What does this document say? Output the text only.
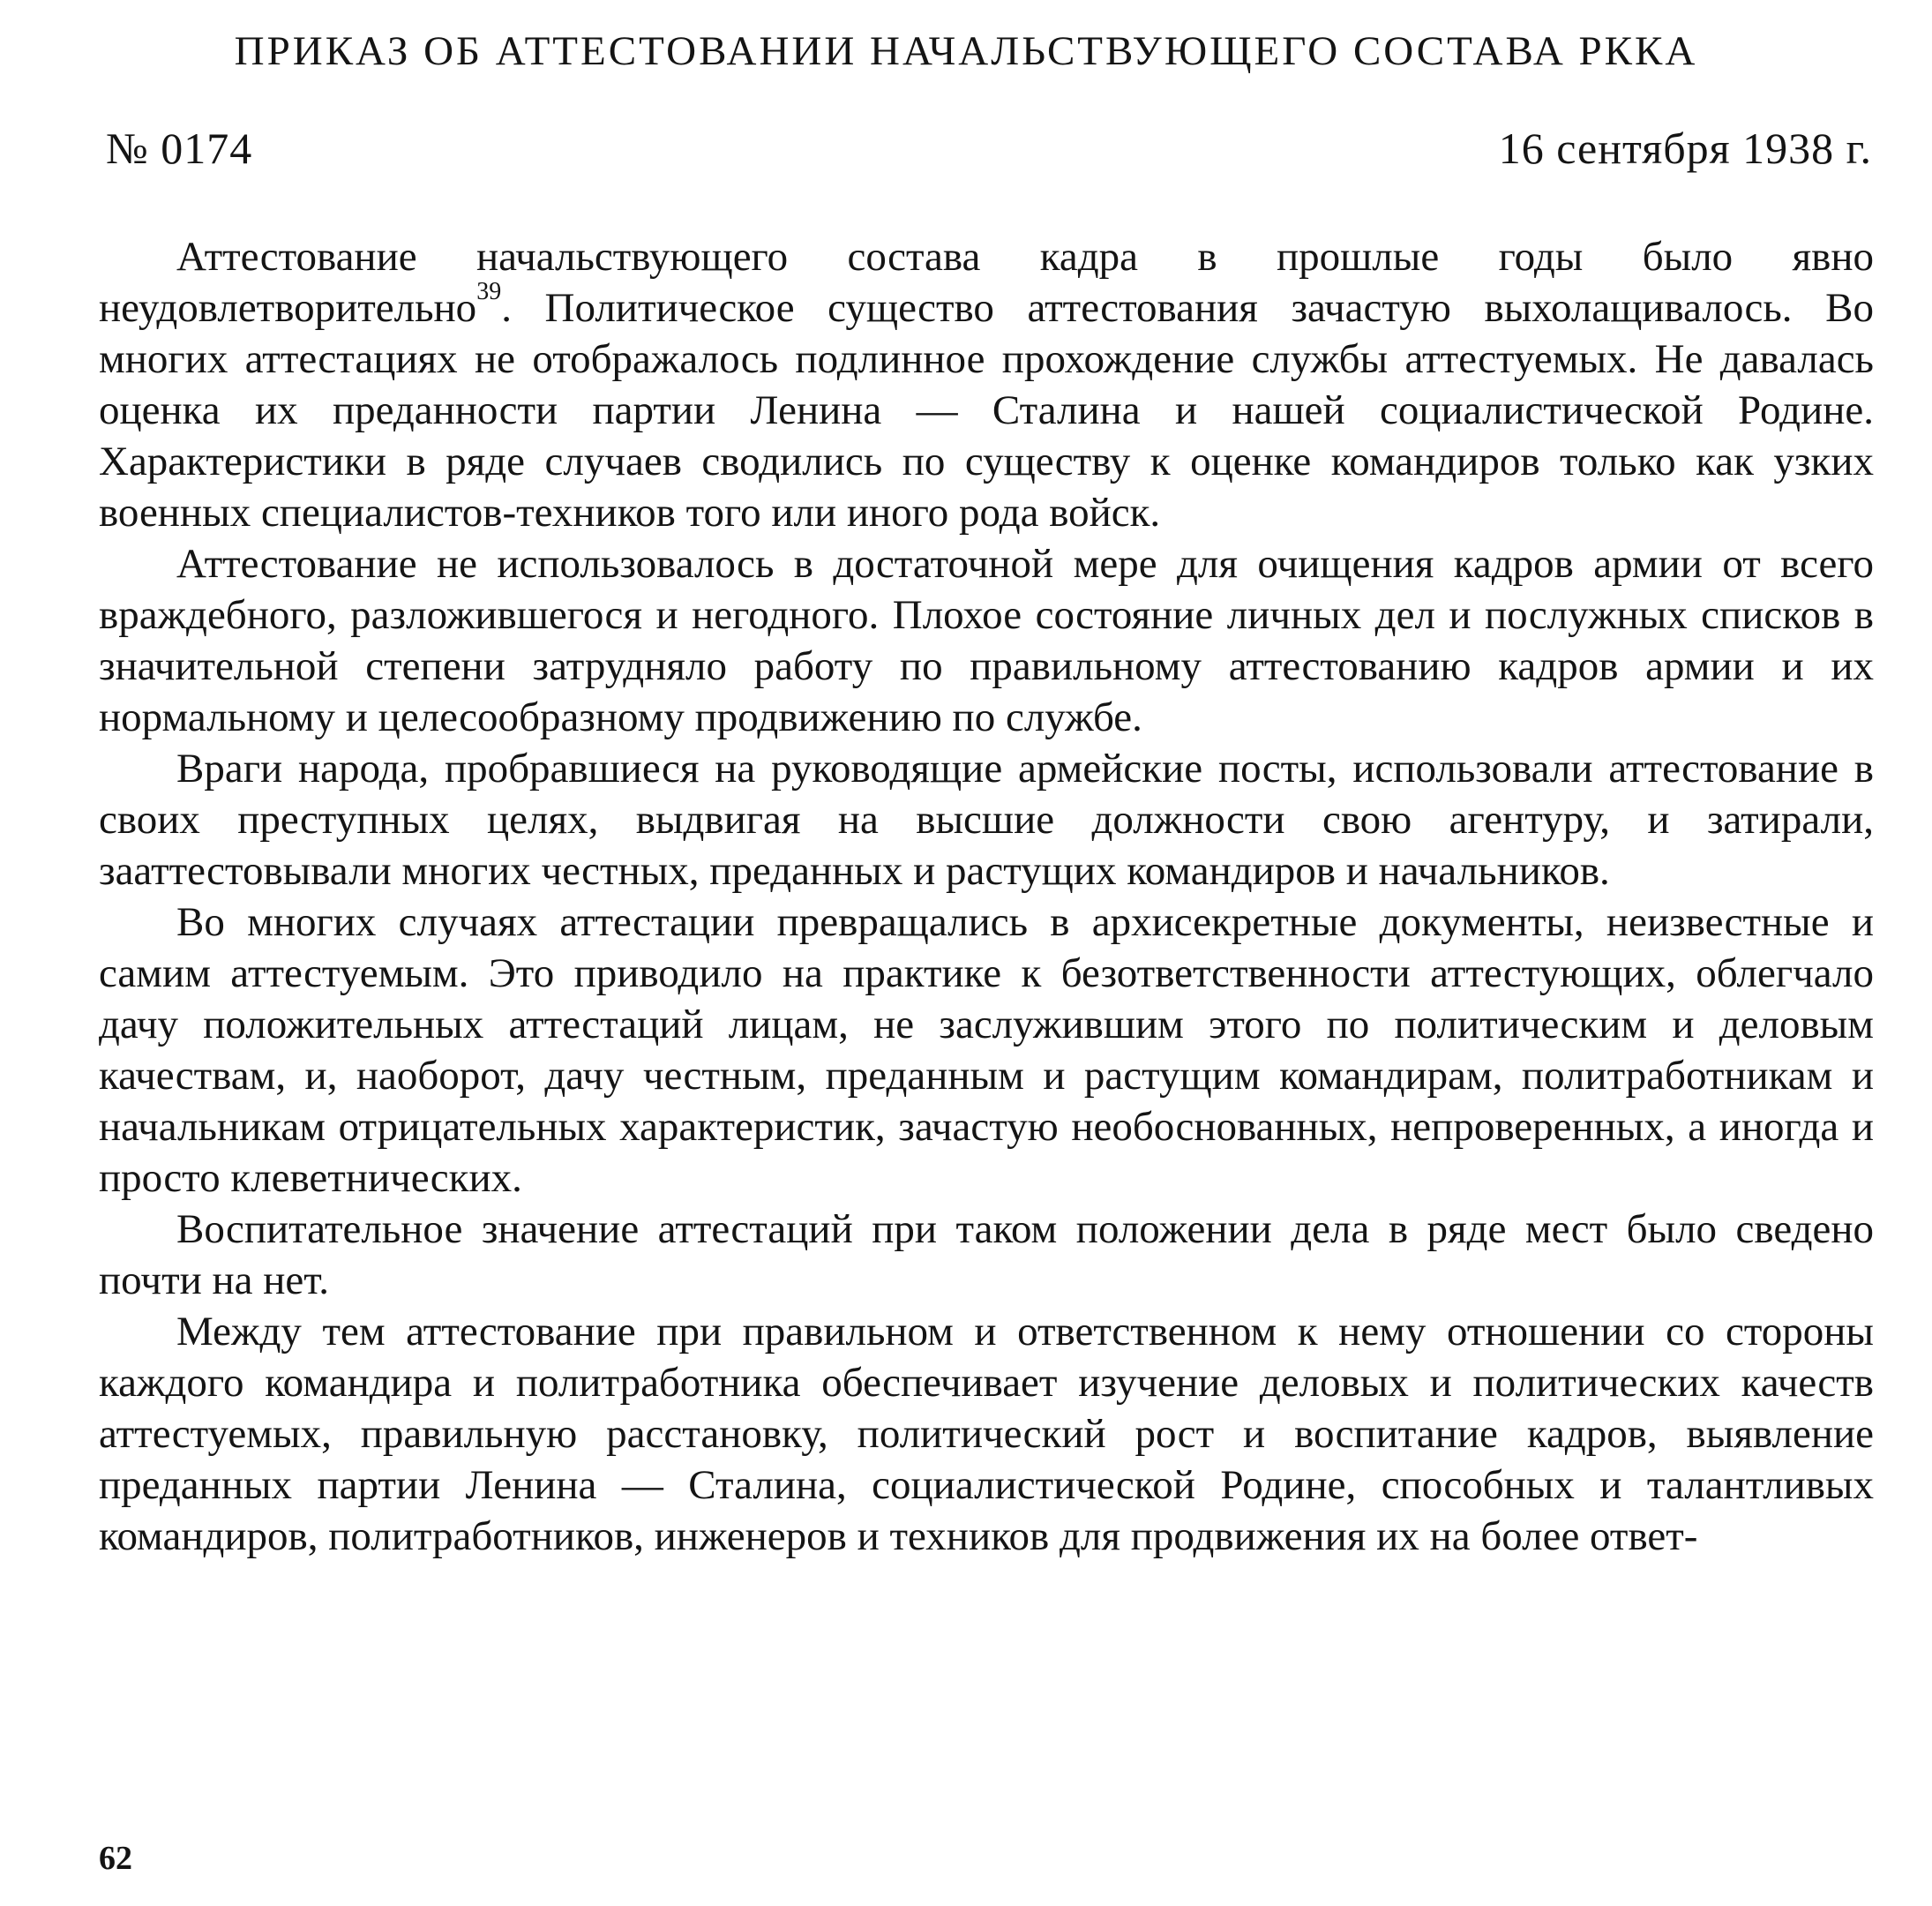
ПРИКАЗ ОБ АТТЕСТОВАНИИ НАЧАЛЬСТВУЮЩЕГО СОСТАВА РККА
№ 0174	16 сентября 1938 г.

Аттестование начальствующего состава кадра в прошлые годы было явно неудовлетворительно$^{39}$. Политическое существо аттестования зачастую выхолащивалось. Во многих аттестациях не отображалось подлинное прохождение службы аттестуемых. Не давалась оценка их преданности партии Ленина — Сталина и нашей социалистической Родине. Характеристики в ряде случаев сводились по существу к оценке командиров только как узких военных специалистов-техников того или иного рода войск.

Аттестование не использовалось в достаточной мере для очищения кадров армии от всего враждебного, разложившегося и негодного. Плохое состояние личных дел и послужных списков в значительной степени затрудняло работу по правильному аттестованию кадров армии и их нормальному и целесообразному продвижению по службе.

Враги народа, пробравшиеся на руководящие армейские посты, использовали аттестование в своих преступных целях, выдвигая на высшие должности свою агентуру, и затирали, зааттестовывали многих честных, преданных и растущих командиров и начальников.

Во многих случаях аттестации превращались в архисекретные документы, неизвестные и самим аттестуемым. Это приводило на практике к безответственности аттестующих, облегчало дачу положительных аттестаций лицам, не заслужившим этого по политическим и деловым качествам, и, наоборот, дачу честным, преданным и растущим командирам, политработникам и начальникам отрицательных характеристик, зачастую необоснованных, непроверенных, а иногда и просто клеветнических.

Воспитательное значение аттестаций при таком положении дела в ряде мест было сведено почти на нет.

Между тем аттестование при правильном и ответственном к нему отношении со стороны каждого командира и политработника обеспечивает изучение деловых и политических качеств аттестуемых, правильную расстановку, политический рост и воспитание кадров, выявление преданных партии Ленина — Сталина, социалистической Родине, способных и талантливых командиров, политработников, инженеров и техников для продвижения их на более ответ-

62
